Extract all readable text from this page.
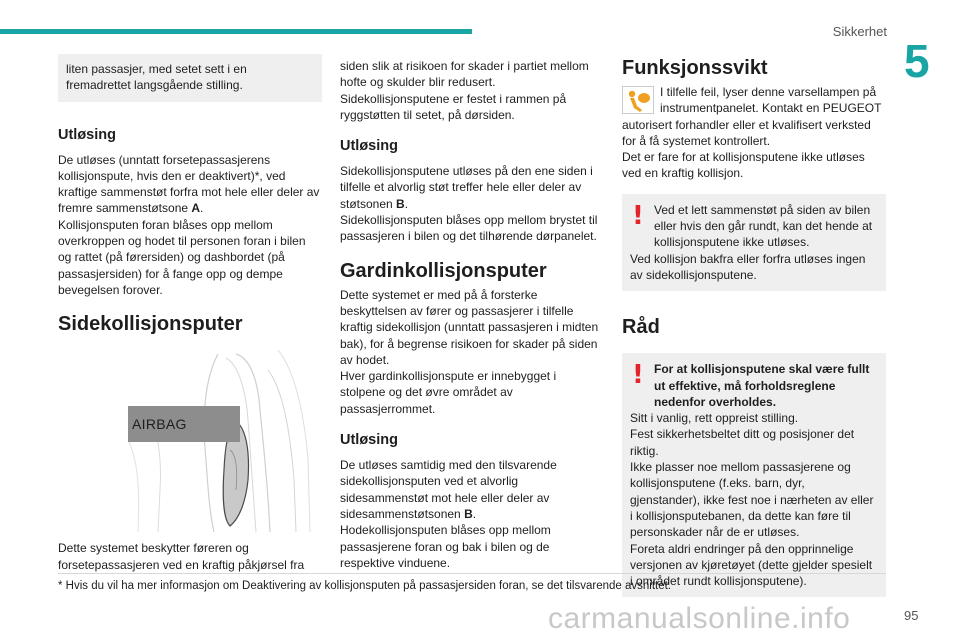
Sikkerhet
5

liten passasjer, med setet sett i en fremadrettet langsgående stilling.

Utløsing

De utløses (unntatt forsetepassasjerens kollisjonspute, hvis den er deaktivert)*, ved kraftige sammenstøt forfra mot hele eller deler av fremre sammenstøtsone A.

Kollisjonsputen foran blåses opp mellom overkroppen og hodet til personen foran i bilen og rattet (på førersiden) og dashbordet (på passasjersiden) for å fange opp og dempe bevegelsen forover.

Sidekollisjonsputer
AIRBAG

Dette systemet beskytter føreren og forsetepassasjeren ved en kraftig påkjørsel fra

siden slik at risikoen for skader i partiet mellom hofte og skulder blir redusert.

Sidekollisjonsputene er festet i rammen på ryggstøtten til setet, på dørsiden.

Utløsing

Sidekollisjonsputene utløses på den ene siden i tilfelle et alvorlig støt treffer hele eller deler av støtsonen B.

Sidekollisjonsputen blåses opp mellom brystet til passasjeren i bilen og det tilhørende dørpanelet.

Gardinkollisjonsputer

Dette systemet er med på å forsterke beskyttelsen av fører og passasjerer i tilfelle kraftig sidekollisjon (unntatt passasjeren i midten bak), for å begrense risikoen for skader på siden av hodet.

Hver gardinkollisjonspute er innebygget i stolpene og det øvre området av passasjerrommet.

Utløsing

De utløses samtidig med den tilsvarende sidekollisjonsputen ved et alvorlig sidesammenstøt mot hele eller deler av sidesammenstøtsonen B.

Hodekollisjonsputen blåses opp mellom passasjerene foran og bak i bilen og de respektive vinduene.

Funksjonssvikt

I tilfelle feil, lyser denne varsellampen på instrumentpanelet. Kontakt en PEUGEOT autorisert forhandler eller et kvalifisert verksted for å få systemet kontrollert.

Det er fare for at kollisjonsputene ikke utløses ved en kraftig kollisjon.

! Ved et lett sammenstøt på siden av bilen eller hvis den går rundt, kan det hende at kollisjonsputene ikke utløses.

Ved kollisjon bakfra eller forfra utløses ingen av sidekollisjonsputene.

Råd
! For at kollisjonsputene skal være fullt ut effektive, må forholdsreglene nedenfor overholdes.

Sitt i vanlig, rett oppreist stilling.

Fest sikkerhetsbeltet ditt og posisjoner det riktig.

Ikke plasser noe mellom passasjerene og kollisjonsputene (f.eks. barn, dyr, gjenstander), ikke fest noe i nærheten av eller i kollisjonsputebanen, da dette kan føre til personskader når de er utløses.

Foreta aldri endringer på den opprinnelige versjonen av kjøretøyet (dette gjelder spesielt i området rundt kollisjonsputene).

* Hvis du vil ha mer informasjon om Deaktivering av kollisjonsputen på passasjersiden foran, se det tilsvarende avsnittet.
carmanualsonline.info	95
